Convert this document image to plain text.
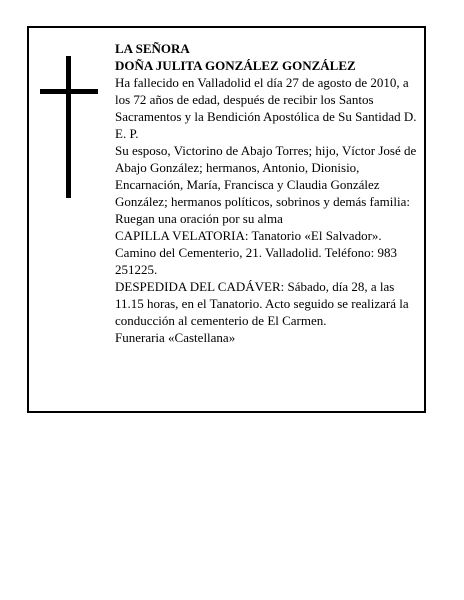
LA SEÑORA

DOÑA JULITA GONZÁLEZ GONZÁLEZ

Ha fallecido en Valladolid el día 27 de agosto de 2010, a los 72 años de edad, después de recibir los Santos Sacramentos y la Bendición Apostólica de Su Santidad D. E. P.

Su esposo, Victorino de Abajo Torres; hijo, Víctor José de Abajo González; hermanos, Antonio, Dionisio, Encarnación, María, Francisca y Claudia González González; hermanos políticos, sobrinos y demás familia:

Ruegan una oración por su alma

CAPILLA VELATORIA: Tanatorio «El Salvador». Camino del Cementerio, 21. Valladolid. Teléfono: 983 251225.

DESPEDIDA DEL CADÁVER: Sábado, día 28, a las 11.15 horas, en el Tanatorio. Acto seguido se realizará la conducción al cementerio de El Carmen.

Funeraria «Castellana»
